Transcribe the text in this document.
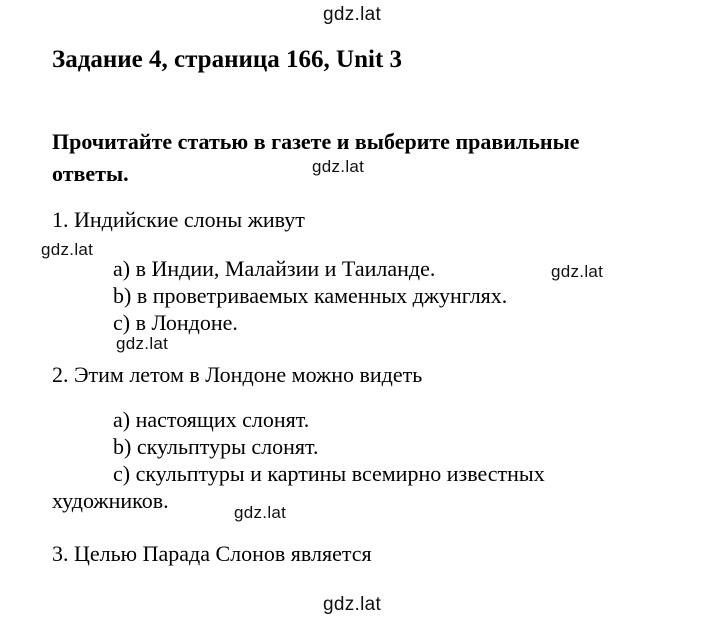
gdz.lat
Задание 4, страница 166, Unit 3
Прочитайте статью в газете и выберите правильные
ответы.	gdz.lat
1. Индийские слоны живут
gdz.lat
a) в Индии, Малайзии и Таиланде.	gdz.lat
b) в проветриваемых каменных джунглях.
c) в Лондоне.
gdz.lat
2. Этим летом в Лондоне можно видеть
a) настоящих слонят.
b) скульптуры слонят.
c) скульптуры и картины всемирно известных
художников.	gdz.lat
3. Целью Парада Слонов является
gdz.lat
